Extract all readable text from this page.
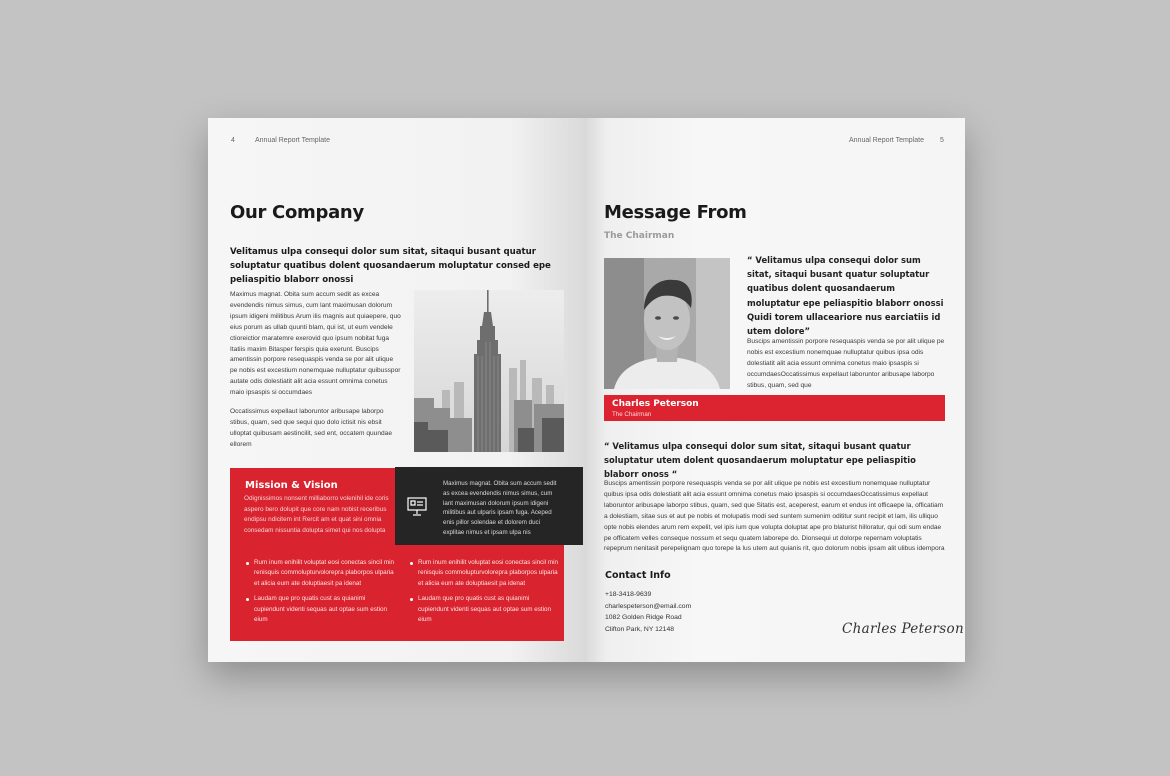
4	Annual Report Template
Our Company

Velitamus ulpa consequi dolor sum sitat, sitaqui busant quatur soluptatur quatibus dolent quosandaerum moluptatur consed epe peliaspitio blaborr onossi

Maximus magnat. Obita sum accum sedit as excea evendendis nimus simus, cum lant maximusan dolorum ipsum idigeni militibus Arum ilis magnis aut quiaepere, quo eius porum as ullab quunti blam, qui ist, ut eum vendele ctioreictior maratemre exerovid quo ipsum nobitat fuga Itatiis maxim Bitasper ferspis quia exerunt. Buscips amentissin porpore resequaspis venda se por alit ulique pe nobis est excestium nonemquae nulluptatur quibusspor autate odis dolestiatit alit acia essunt omnima conetus maio ipsaspis si occumdaes

Occatissimus expellaut laboruntor aribusape laborpo stibus, quam, sed que sequi quo dolo ictisit nis ebsit ulloptat quibusam aestincilit, sed ent, occatem quundae ellorem

Mission & Vision

Odignissimos nonsent milliaborro volenihil ide coris aspero bero dolupit que core nam nobist receribus endipsu ndicitem int Rercit am et quat sini omnia consedam nissuntia dolupta simet qui nos dolupta

Rum inum enihilit voluptat eosi conectas sincil min renisquis commolupturvolorepra plaborpos ulparia et alicia eum ate doluptiaesit pa idenat
Laudam que pro quatis cust as quianimi cupiendunt videnti sequas aut optae sum estion eium
Rum inum enihilit voluptat eosi conectas sincil min renisquis commolupturvolorepra plaborpos ulparia et alicia eum ate doluptiaesit pa idenat
Laudam que pro quatis cust as quianimi cupiendunt videnti sequas aut optae sum estion eium

Maximus magnat. Obita sum accum sedit as excea evendendis nimus simus, cum lant maximusan dolorum ipsum idigeni militibus aut ulparis ipsam fuga. Aceped enis pillor solendae et dolorem duci explitae nimus et ipsam ulpa nis

Annual Report Template 5
Message From
The Chairman

“ Velitamus ulpa consequi dolor sum sitat, sitaqui busant quatur soluptatur quatibus dolent quosandaerum moluptatur epe peliaspitio blaborr onossi Quidi torem ullaceariore nus earciatiis id utem dolore”

Buscips amentissin porpore resequaspis venda se por alit ulique pe nobis est excestium nonemquae nulluptatur quibus ipsa odis dolestiatit alit acia essunt omnima conetus maio ipsaspis si occumdaesOccatissimus expellaut laboruntor aribusape laborpo stibus, quam, sed que

Charles Peterson
The Chairman

“ Velitamus ulpa consequi dolor sum sitat, sitaqui busant quatur soluptatur utem dolent quosandaerum moluptatur epe peliaspitio blaborr onoss “

Buscips amentissin porpore resequaspis venda se por alit ulique pe nobis est excestium nonemquae nulluptatur quibus ipsa odis dolestiatit alit acia essunt omnima conetus maio ipsaspis si occumdaesOccatissimus expellaut laboruntor aribusape laborpo stibus, quam, sed que Sitatis est, aceperest, earum et endus int officaepe la, officatiam a dolestiam, sitae sus et aut pe nobis et molupatis modi sed suntem sumenim odititur sunt recipit et lam, ilis ulliquo opte nobis elendes arum rem expelit, vel ipis ium que volupta doluptat ape pro blaturist hilloratur, qui odi sum endae pe officatem velles conseque nossum et sequ quatem laborepe do. Dionsequi ut dolorpe repernam voluptatis repeprum nenitasit perepelignam quo torepe la lus utem aut quianis rit, quo dolorum nobis ipsam alit ulibus idempora

Contact Info
+18-3418-9639
charlespeterson@email.com
1082 Golden Ridge Road
Clifton Park, NY 12148	Charles Peterson
